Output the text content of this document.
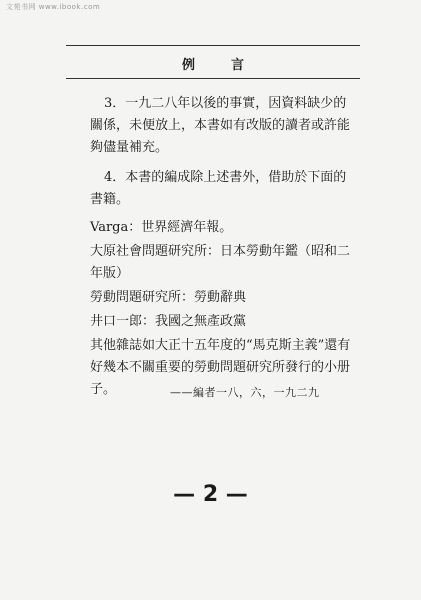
文苑书网 www.ibook.com
例	言

3．一九二八年以後的事實，因資料缺少的關係，未便放上，本書如有改版的讀者或許能夠儘量補充。

4．本書的編成除上述書外，借助於下面的書籍。

Varga：世界經濟年報。

大原社會問題研究所：日本勞動年鑑（昭和二年版）

勞動問題研究所：勞動辭典

井口一郎：我國之無產政黨

其他雜誌如大正十五年度的“馬克斯主義”還有好幾本不關重要的勞動問題研究所發行的小册子。	——編者一八，六，一九二九
— 2 —
